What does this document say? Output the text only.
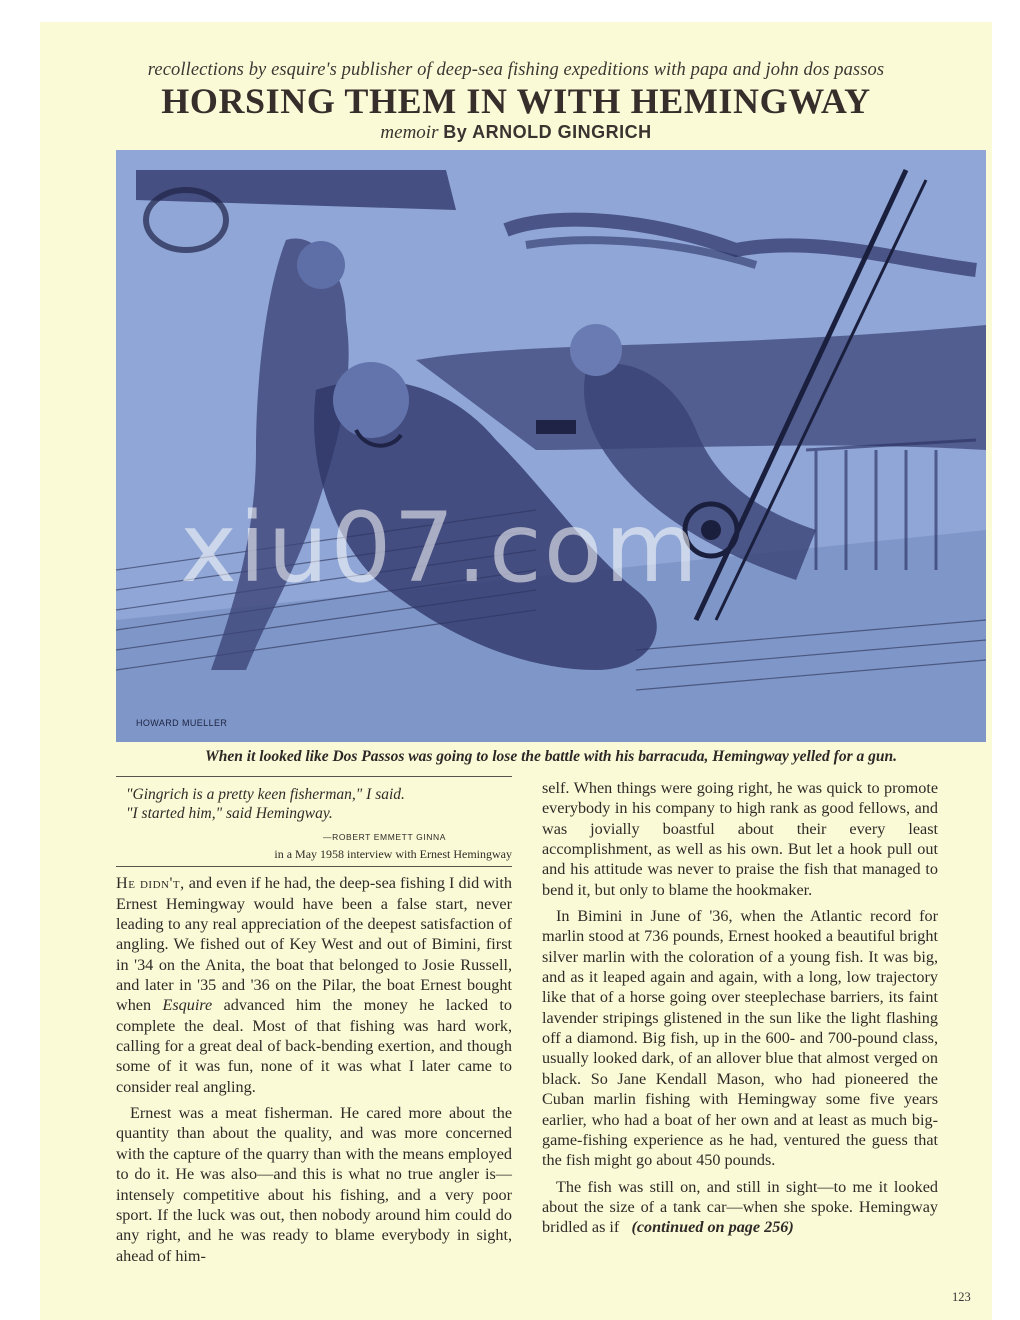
recollections by esquire's publisher of deep-sea fishing expeditions with papa and john dos passos
HORSING THEM IN WITH HEMINGWAY
memoir By ARNOLD GINGRICH
HOWARD MUELLER
xiu07.com
When it looked like Dos Passos was going to lose the battle with his barracuda, Hemingway yelled for a gun.
"Gingrich is a pretty keen fisherman," I said.
"I started him," said Hemingway.
—ROBERT EMMETT GINNA
in a May 1958 interview with Ernest Hemingway

He didn't, and even if he had, the deep-sea fishing I did with Ernest Hemingway would have been a false start, never leading to any real appreciation of the deepest satisfaction of angling. We fished out of Key West and out of Bimini, first in '34 on the Anita, the boat that belonged to Josie Russell, and later in '35 and '36 on the Pilar, the boat Ernest bought when Esquire advanced him the money he lacked to complete the deal. Most of that fishing was hard work, calling for a great deal of back-bending exertion, and though some of it was fun, none of it was what I later came to consider real angling.

Ernest was a meat fisherman. He cared more about the quantity than about the quality, and was more concerned with the capture of the quarry than with the means employed to do it. He was also—and this is what no true angler is—intensely competitive about his fishing, and a very poor sport. If the luck was out, then nobody around him could do any right, and he was ready to blame everybody in sight, ahead of him-

self. When things were going right, he was quick to promote everybody in his company to high rank as good fellows, and was jovially boastful about their every least accomplishment, as well as his own. But let a hook pull out and his attitude was never to praise the fish that managed to bend it, but only to blame the hookmaker.

In Bimini in June of '36, when the Atlantic record for marlin stood at 736 pounds, Ernest hooked a beautiful bright silver marlin with the coloration of a young fish. It was big, and as it leaped again and again, with a long, low trajectory like that of a horse going over steeplechase barriers, its faint lavender stripings glistened in the sun like the light flashing off a diamond. Big fish, up in the 600- and 700-pound class, usually looked dark, of an allover blue that almost verged on black. So Jane Kendall Mason, who had pioneered the Cuban marlin fishing with Hemingway some five years earlier, who had a boat of her own and at least as much big-game-fishing experience as he had, ventured the guess that the fish might go about 450 pounds.

The fish was still on, and still in sight—to me it looked about the size of a tank car—when she spoke. Hemingway bridled as if (continued on page 256)

123
